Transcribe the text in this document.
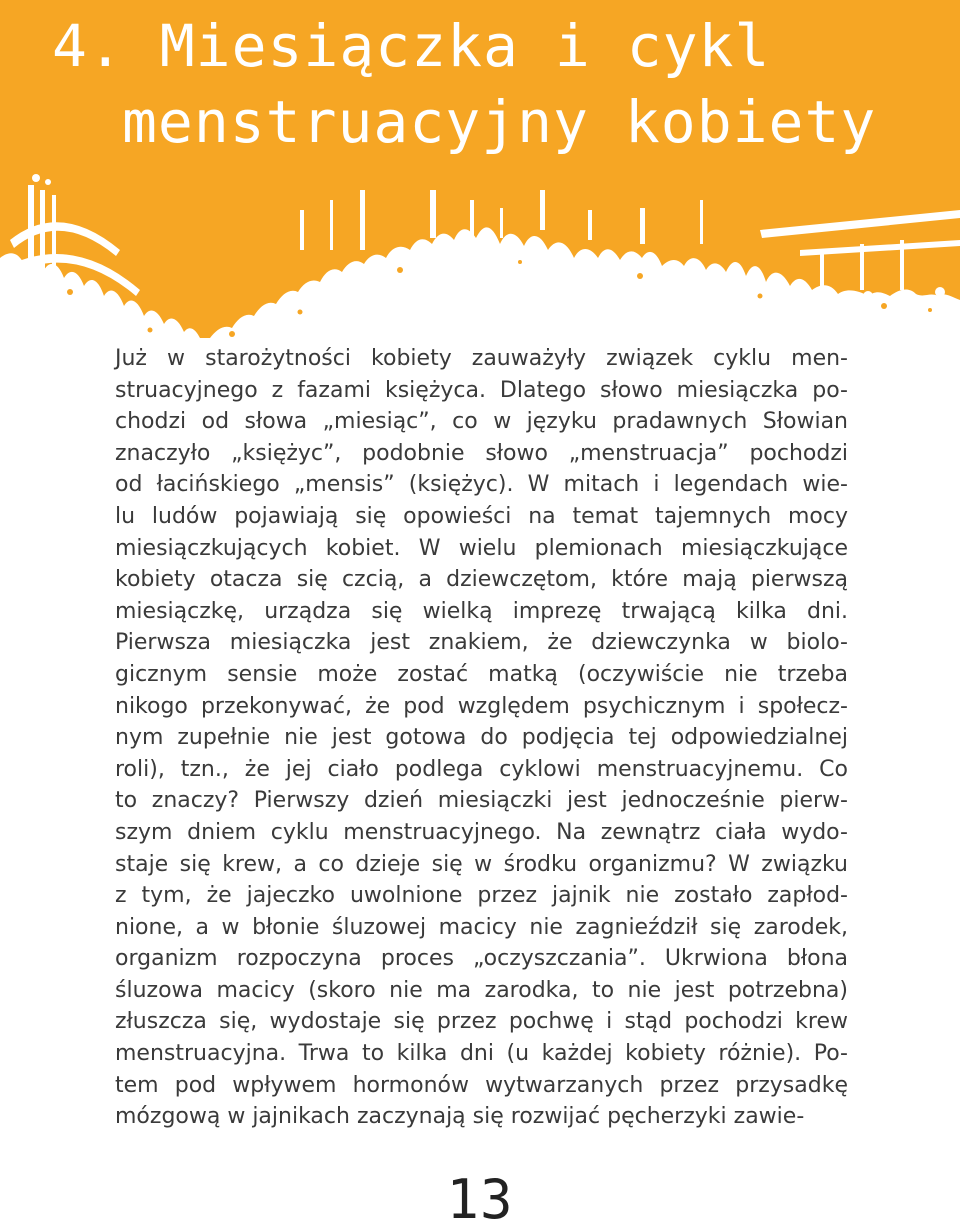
4. Miesiączka i cykl
menstruacyjny kobiety

Już w starożytności kobiety zauważyły związek cyklu men-
struacyjnego z fazami księżyca. Dlatego słowo miesiączka po-
chodzi od słowa „miesiąc”, co w języku pradawnych Słowian
znaczyło „księżyc”, podobnie słowo „menstruacja” pochodzi
od łacińskiego „mensis” (księżyc). W mitach i legendach wie-
lu ludów pojawiają się opowieści na temat tajemnych mocy
miesiączkujących kobiet. W wielu plemionach miesiączkujące
kobiety otacza się czcią, a dziewczętom, które mają pierwszą
miesiączkę, urządza się wielką imprezę trwającą kilka dni.
Pierwsza miesiączka jest znakiem, że dziewczynka w biolo-
gicznym sensie może zostać matką (oczywiście nie trzeba
nikogo przekonywać, że pod względem psychicznym i społecz-
nym zupełnie nie jest gotowa do podjęcia tej odpowiedzialnej
roli), tzn., że jej ciało podlega cyklowi menstruacyjnemu. Co
to znaczy? Pierwszy dzień miesiączki jest jednocześnie pierw-
szym dniem cyklu menstruacyjnego. Na zewnątrz ciała wydo-
staje się krew, a co dzieje się w środku organizmu? W związku
z tym, że jajeczko uwolnione przez jajnik nie zostało zapłod-
nione, a w błonie śluzowej macicy nie zagnieździł się zarodek,
organizm rozpoczyna proces „oczyszczania”. Ukrwiona błona
śluzowa macicy (skoro nie ma zarodka, to nie jest potrzebna)
złuszcza się, wydostaje się przez pochwę i stąd pochodzi krew
menstruacyjna. Trwa to kilka dni (u każdej kobiety różnie). Po-
tem pod wpływem hormonów wytwarzanych przez przysadkę
mózgową w jajnikach zaczynają się rozwijać pęcherzyki zawie-

13
